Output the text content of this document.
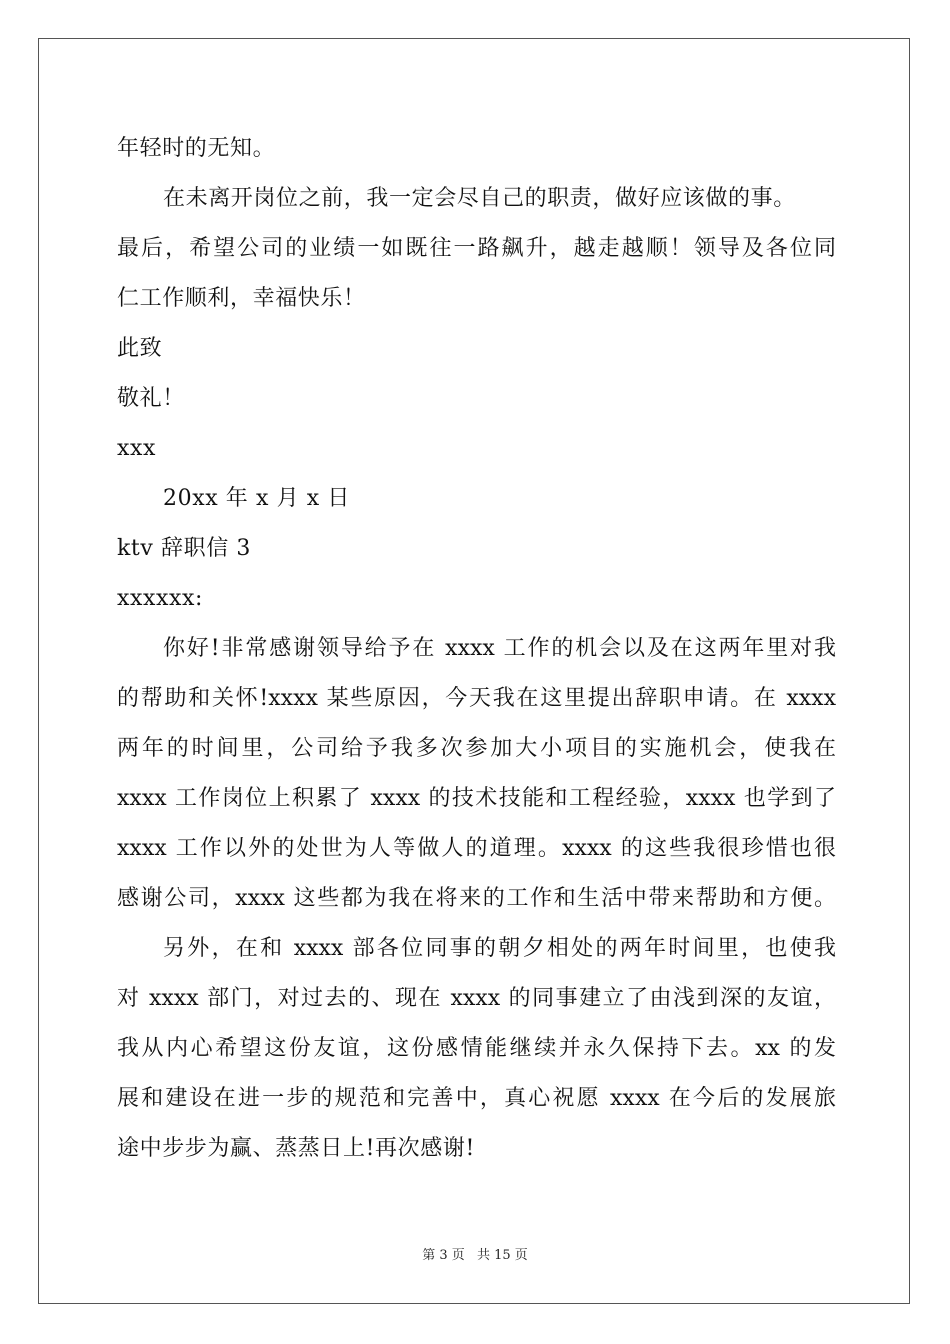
年轻时的无知。
在未离开岗位之前，我一定会尽自己的职责，做好应该做的事。
最后，希望公司的业绩一如既往一路飙升，越走越顺！领导及各位同
仁工作顺利，幸福快乐！
此致
敬礼！
xxx
20xx 年 x 月 x 日
ktv 辞职信 3
xxxxxx:
你好!非常感谢领导给予在 xxxx 工作的机会以及在这两年里对我
的帮助和关怀!xxxx 某些原因，今天我在这里提出辞职申请。在 xxxx
两年的时间里，公司给予我多次参加大小项目的实施机会，使我在
xxxx 工作岗位上积累了 xxxx 的技术技能和工程经验，xxxx 也学到了
xxxx 工作以外的处世为人等做人的道理。xxxx 的这些我很珍惜也很
感谢公司，xxxx 这些都为我在将来的工作和生活中带来帮助和方便。
另外，在和 xxxx 部各位同事的朝夕相处的两年时间里，也使我
对 xxxx 部门，对过去的、现在 xxxx 的同事建立了由浅到深的友谊，
我从内心希望这份友谊，这份感情能继续并永久保持下去。xx 的发
展和建设在进一步的规范和完善中，真心祝愿 xxxx 在今后的发展旅
途中步步为赢、蒸蒸日上!再次感谢!
第 3 页 共 15 页
